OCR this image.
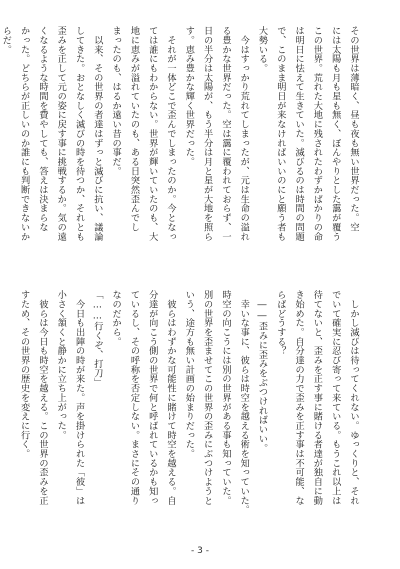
その世界は薄暗く、昼も夜も無い世界だった。空

には太陽も月も星も無く、ぼんやりとした靄が覆う

この世界。荒れた大地に残されたわずかばかりの命

は明日に怯えて生きていた。滅びるのは時間の問題

で、このまま明日が来なければいいのにと願う者も

大勢いる。

　今はすっかり荒れてしまったが、元は生命の溢れ

る豊かな世界だった。空は靄に覆われておらず、一

日の半分は太陽が、もう半分は月と星が大地を照ら

す。恵み豊かな輝く世界だった。

　それが一体どこで歪んでしまったのか。今となっ

ては誰にもわからない。世界が輝いていたのも、大

地に恵みが溢れていたのも、ある日突然歪んでし

まったのも、はるか遠い昔の事だ。

　以来、その世界の者達はずっと滅びに抗い、議論

してきた。おとなしく滅びの時を待つか、それとも

歪みを正して元の姿に戻す事に挑戦するか。気の遠

くなるような時間を費やしても、答えは決まらな

かった。どちらが正しいのか誰にも判断できないか

らだ。

　しかし滅びは待ってくれない。ゆっくりと、それ

でいて確実に忍び寄って来ている。もうこれ以上は

待てないと、歪みを正す事に賭ける者達が独自に動

き始めた。自分達の力で歪みを正す事は不可能、な

らばどうする？

　――歪みに歪みをぶつければいい。

　幸いな事に、彼らは時空を越える術を知っていた。

時空の向こうには別の世界がある事も知っていた。

別の世界を歪ませてこの世界の歪みにぶつけようと

いう、途方も無い計画の始まりだった。

　彼らはわずかな可能性に賭けて時空を越える。自

分達が向こう側の世界で何と呼ばれているかも知っ

ているし、その呼称を否定しない。まさにその通り

なのだから。

「……行くぞ、打刀」

　今日も出陣の時が来た。声を掛けられた「彼」は

小さく頷くと静かに立ち上がった。

　彼らは今日も時空を越える。この世界の歪みを正

すため、その世界の歴史を変えに行く。

- 3 -
